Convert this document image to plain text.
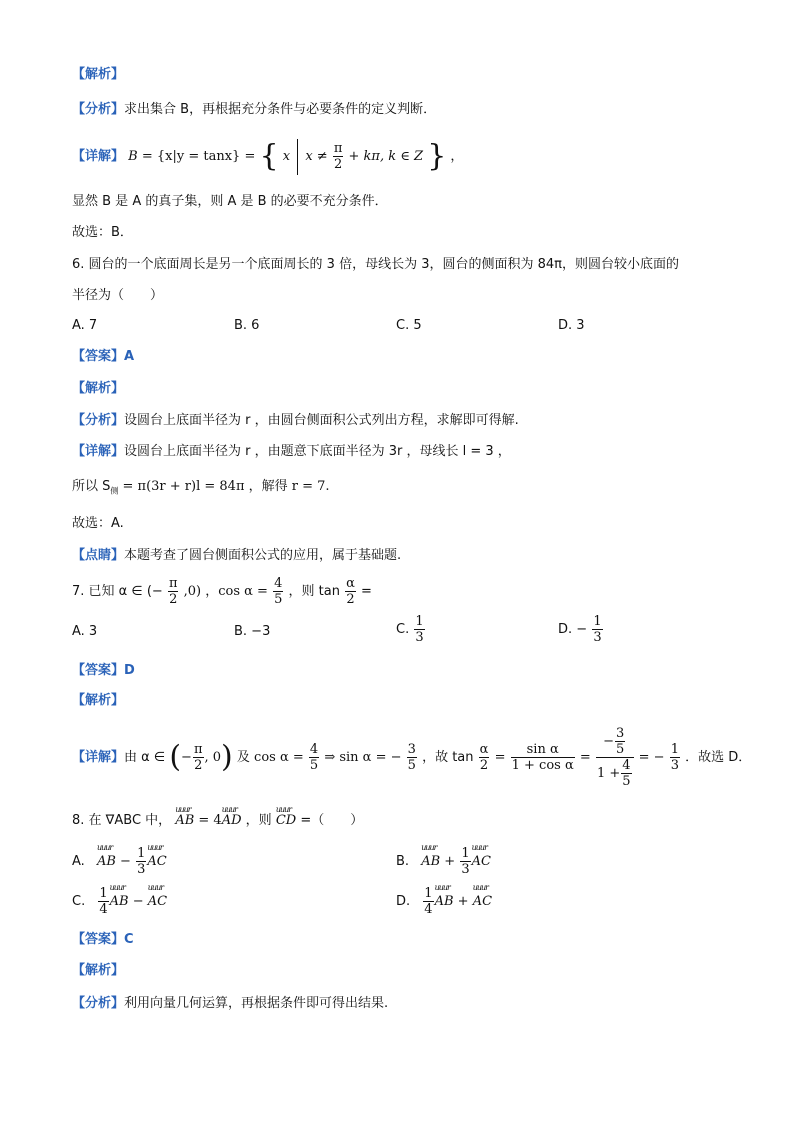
【解析】
【分析】求出集合 B，再根据充分条件与必要条件的定义判断．
【详解】 B = {x|y = tanx} = { x $x \ne \frac{\pi}{2} + k\pi$, k ∈ Z } ，
显然 B 是 A 的真子集，则 A 是 B 的必要不充分条件．
故选：B．
6. 圆台的一个底面周长是另一个底面周长的 3 倍，母线长为 3，圆台的侧面积为 84π，则圆台较小底面的
半径为（　　）
A. 7	B. 6	C. 5	D. 3
【答案】A
【解析】
【分析】设圆台上底面半径为 r ，由圆台侧面积公式列出方程，求解即可得解.
【详解】设圆台上底面半径为 r ，由题意下底面半径为 3r ，母线长 l = 3 ，
所以 $S_侧 = \pi(3r + r)l = 84\pi$ ，解得 r = 7.
故选：A.
【点睛】本题考查了圆台侧面积公式的应用，属于基础题.
7. 已知 α ∈ (− $\frac{\pi}{2} ,0$) ，$\cos \alpha = \frac{4}{5}$ ，则 $\tan \frac{\alpha}{2}$ =
A. 3	B. −3	C. $\frac{1}{3}$	D. − $\frac{1}{3}$
【答案】D
【解析】
【详解】由 α ∈ (− $\frac{\pi}{2}$ , 0) 及 $\cos \alpha = \frac{4}{5}$ ⇒ sin α = − $\frac{3}{5}$ ，故 $\tan \frac{\alpha}{2} = \frac{\text{sin α}}{\text{1 + cos α}} = \frac{- \frac{3}{5}}{1 + \frac{4}{5}}$ = − $\frac{1}{3}$ ．故选 D．
8. 在 ∇ABC 中， uuur AB = 4uuur AD ，则 uuur CD =（　　）
A. uuur AB − $\frac{1}{3}$ uuur AC	B. uuur AB + $\frac{1}{3}$ uuur AC
C. $\frac{1}{4}$ uuur AB − uuur AC	D. $\frac{1}{4}$ uuur AB + uuur AC
【答案】C
【解析】
【分析】利用向量几何运算，再根据条件即可得出结果.
